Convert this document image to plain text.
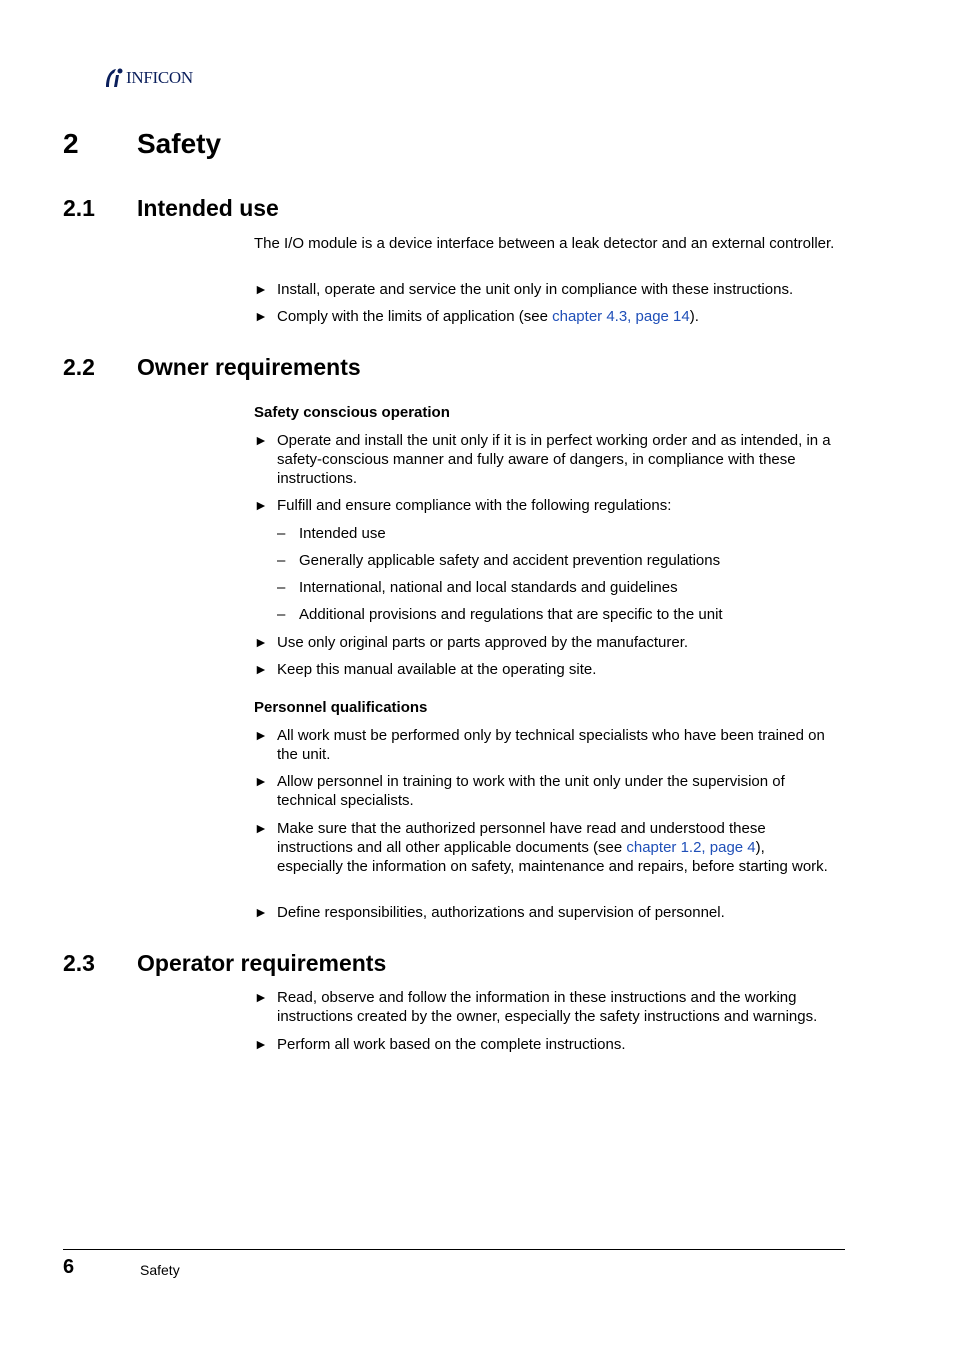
INFICON
2 Safety
2.1 Intended use
The I/O module is a device interface between a leak detector and an external controller.
► Install, operate and service the unit only in compliance with these instructions.
► Comply with the limits of application (see chapter 4.3, page 14).
2.2 Owner requirements
Safety conscious operation
► Operate and install the unit only if it is in perfect working order and as intended, in a safety-conscious manner and fully aware of dangers, in compliance with these instructions.
► Fulfill and ensure compliance with the following regulations:
– Intended use
– Generally applicable safety and accident prevention regulations
– International, national and local standards and guidelines
– Additional provisions and regulations that are specific to the unit
► Use only original parts or parts approved by the manufacturer.
► Keep this manual available at the operating site.
Personnel qualifications
► All work must be performed only by technical specialists who have been trained on the unit.
► Allow personnel in training to work with the unit only under the supervision of technical specialists.
► Make sure that the authorized personnel have read and understood these instructions and all other applicable documents (see chapter 1.2, page 4), especially the information on safety, maintenance and repairs, before starting work.
► Define responsibilities, authorizations and supervision of personnel.
2.3 Operator requirements
► Read, observe and follow the information in these instructions and the working instructions created by the owner, especially the safety instructions and warnings.
► Perform all work based on the complete instructions.
6	Safety
